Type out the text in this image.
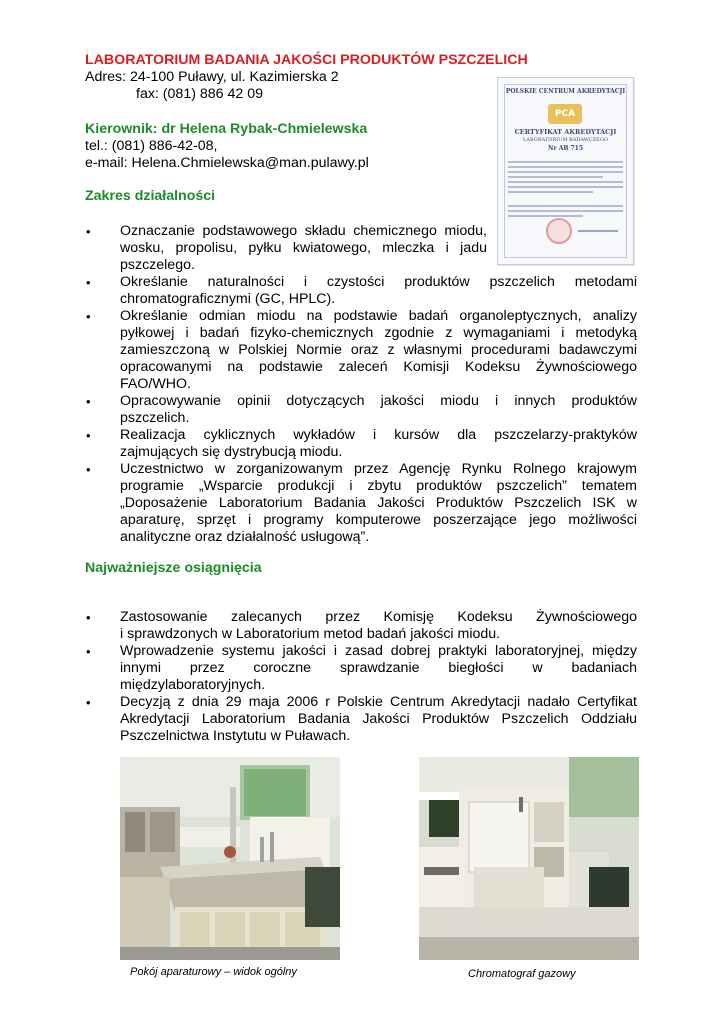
LABORATORIUM BADANIA JAKOŚCI PRODUKTÓW PSZCZELICH
Adres: 24-100 Puławy, ul. Kazimierska 2
fax: (081) 886 42 09
Kierownik: dr Helena Rybak-Chmielewska
tel.: (081) 886-42-08,
e-mail: Helena.Chmielewska@man.pulawy.pl
POLSKIE CENTRUM AKREDYTACJI
PCA
CERTYFIKAT AKREDYTACJI
LABORATORIUM BADAWCZEGO
Nr AB 715
Zakres działalności
• Oznaczanie podstawowego składu chemicznego miodu,
wosku, propolisu, pyłku kwiatowego, mleczka i jadu
pszczelego.
• Określanie naturalności i czystości produktów pszczelich metodami
chromatograficznymi (GC, HPLC).
• Określanie odmian miodu na podstawie badań organoleptycznych, analizy
pyłkowej i badań fizyko-chemicznych zgodnie z wymaganiami i metodyką
zamieszczoną w Polskiej Normie oraz z własnymi procedurami badawczymi
opracowanymi na podstawie zaleceń Komisji Kodeksu Żywnościowego
FAO/WHO.
• Opracowywanie opinii dotyczących jakości miodu i innych produktów
pszczelich.
• Realizacja cyklicznych wykładów i kursów dla pszczelarzy-praktyków
zajmujących się dystrybucją miodu.
• Uczestnictwo w zorganizowanym przez Agencję Rynku Rolnego krajowym
programie „Wsparcie produkcji i zbytu produktów pszczelich” tematem
„Doposażenie Laboratorium Badania Jakości Produktów Pszczelich ISK w
aparaturę, sprzęt i programy komputerowe poszerzające jego możliwości
analityczne oraz działalność usługową”.
Najważniejsze osiągnięcia
• Zastosowanie zalecanych przez Komisję Kodeksu Żywnościowego
i sprawdzonych w Laboratorium metod badań jakości miodu.
• Wprowadzenie systemu jakości i zasad dobrej praktyki laboratoryjnej, między
innymi przez coroczne sprawdzanie biegłości w badaniach
międzylaboratoryjnych.
• Decyzją z dnia 29 maja 2006 r Polskie Centrum Akredytacji nadało Certyfikat
Akredytacji Laboratorium Badania Jakości Produktów Pszczelich Oddziału
Pszczelnictwa Instytutu w Puławach.
Pokój aparaturowy – widok ogólny	Chromatograf gazowy
